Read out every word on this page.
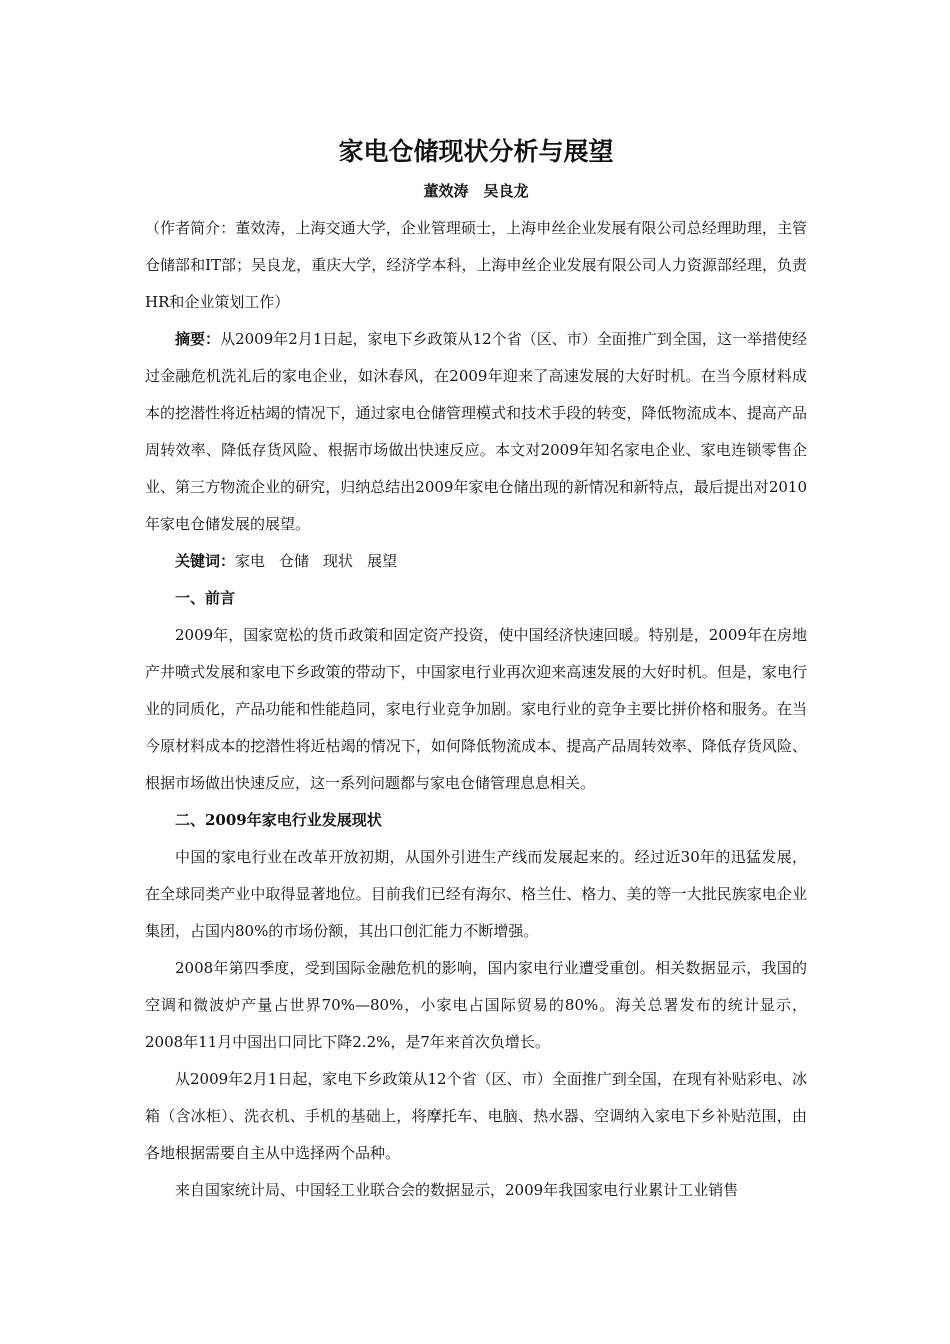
家电仓储现状分析与展望
董效涛　吴良龙

（作者简介：董效涛，上海交通大学，企业管理硕士，上海申丝企业发展有限公司总经理助理，主管仓储部和IT部；吴良龙，重庆大学，经济学本科，上海申丝企业发展有限公司人力资源部经理，负责HR和企业策划工作）

摘要：从2009年2月1日起，家电下乡政策从12个省（区、市）全面推广到全国，这一举措使经过金融危机洗礼后的家电企业，如沐春风，在2009年迎来了高速发展的大好时机。在当今原材料成本的挖潜性将近枯竭的情况下，通过家电仓储管理模式和技术手段的转变，降低物流成本、提高产品周转效率、降低存货风险、根据市场做出快速反应。本文对2009年知名家电企业、家电连锁零售企业、第三方物流企业的研究，归纳总结出2009年家电仓储出现的新情况和新特点，最后提出对2010年家电仓储发展的展望。

关键词：家电 仓储 现状 展望

一、前言

2009年，国家宽松的货币政策和固定资产投资，使中国经济快速回暖。特别是，2009年在房地产井喷式发展和家电下乡政策的带动下，中国家电行业再次迎来高速发展的大好时机。但是，家电行业的同质化，产品功能和性能趋同，家电行业竞争加剧。家电行业的竞争主要比拼价格和服务。在当今原材料成本的挖潜性将近枯竭的情况下，如何降低物流成本、提高产品周转效率、降低存货风险、根据市场做出快速反应，这一系列问题都与家电仓储管理息息相关。

二、2009年家电行业发展现状

中国的家电行业在改革开放初期，从国外引进生产线而发展起来的。经过近30年的迅猛发展，在全球同类产业中取得显著地位。目前我们已经有海尔、格兰仕、格力、美的等一大批民族家电企业集团，占国内80%的市场份额，其出口创汇能力不断增强。

2008年第四季度，受到国际金融危机的影响，国内家电行业遭受重创。相关数据显示，我国的空调和微波炉产量占世界70%—80%，小家电占国际贸易的80%。海关总署发布的统计显示，2008年11月中国出口同比下降2.2%，是7年来首次负增长。

从2009年2月1日起，家电下乡政策从12个省（区、市）全面推广到全国，在现有补贴彩电、冰箱（含冰柜）、洗衣机、手机的基础上，将摩托车、电脑、热水器、空调纳入家电下乡补贴范围，由各地根据需要自主从中选择两个品种。

来自国家统计局、中国轻工业联合会的数据显示，2009年我国家电行业累计工业销售
